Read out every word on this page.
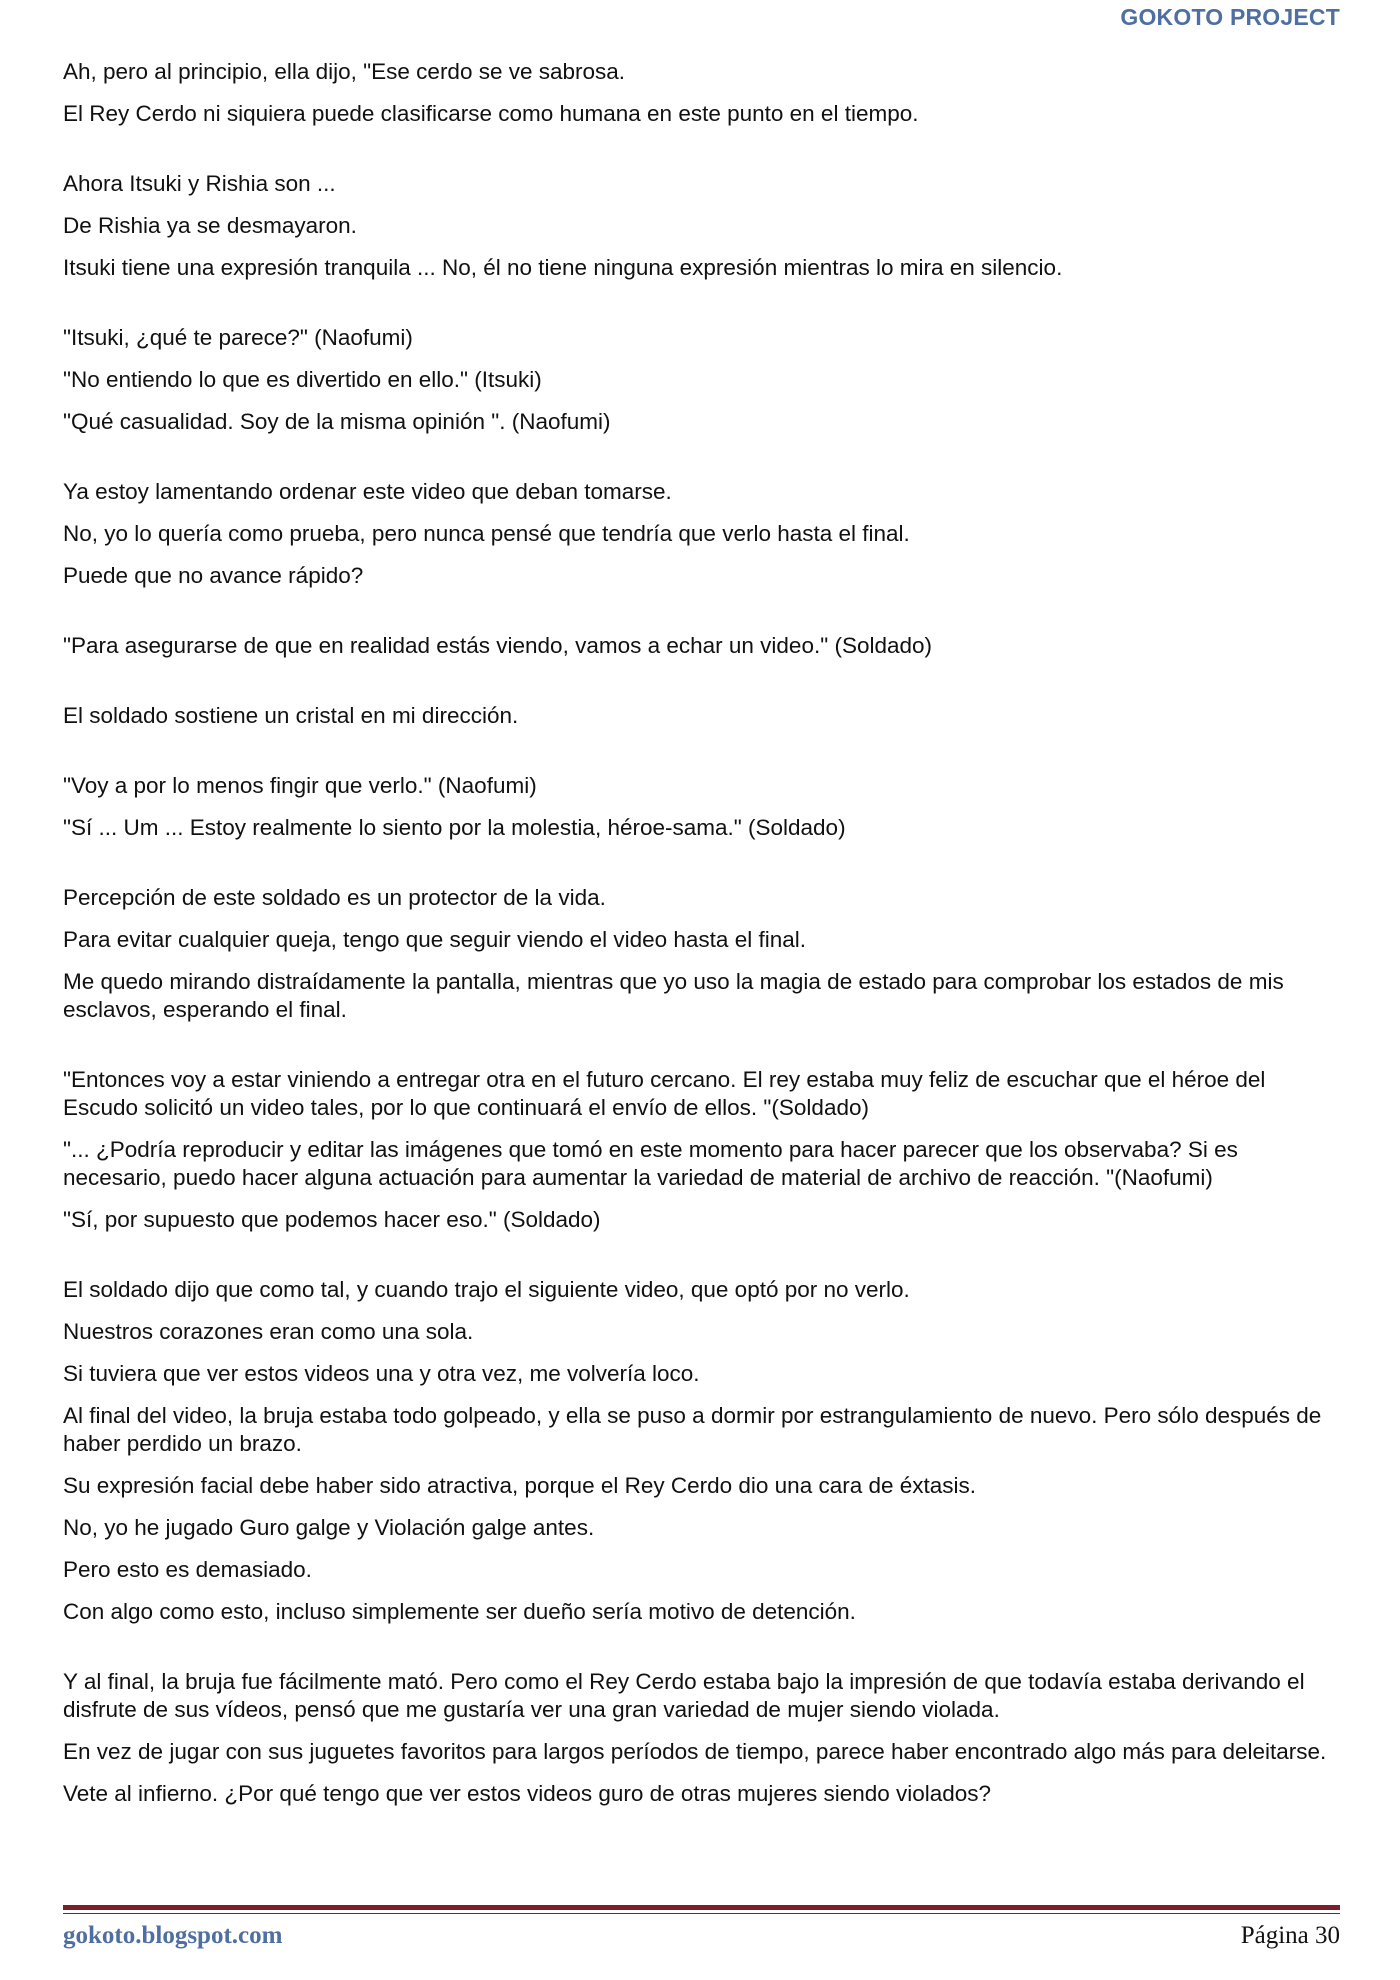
GOKOTO PROJECT

Ah, pero al principio, ella dijo, "Ese cerdo se ve sabrosa.

El Rey Cerdo ni siquiera puede clasificarse como humana en este punto en el tiempo.

Ahora Itsuki y Rishia son ...

De Rishia ya se desmayaron.

Itsuki tiene una expresión tranquila ... No, él no tiene ninguna expresión mientras lo mira en silencio.

"Itsuki, ¿qué te parece?" (Naofumi)

"No entiendo lo que es divertido en ello." (Itsuki)

"Qué casualidad. Soy de la misma opinión ". (Naofumi)

Ya estoy lamentando ordenar este video que deban tomarse.

No, yo lo quería como prueba, pero nunca pensé que tendría que verlo hasta el final.

Puede que no avance rápido?

"Para asegurarse de que en realidad estás viendo, vamos a echar un video." (Soldado)

El soldado sostiene un cristal en mi dirección.

"Voy a por lo menos fingir que verlo." (Naofumi)

"Sí ... Um ... Estoy realmente lo siento por la molestia, héroe-sama." (Soldado)

Percepción de este soldado es un protector de la vida.

Para evitar cualquier queja, tengo que seguir viendo el video hasta el final.

Me quedo mirando distraídamente la pantalla, mientras que yo uso la magia de estado para comprobar los estados de mis esclavos, esperando el final.

"Entonces voy a estar viniendo a entregar otra en el futuro cercano. El rey estaba muy feliz de escuchar que el héroe del Escudo solicitó un video tales, por lo que continuará el envío de ellos. "(Soldado)

"... ¿Podría reproducir y editar las imágenes que tomó en este momento para hacer parecer que los observaba? Si es necesario, puedo hacer alguna actuación para aumentar la variedad de material de archivo de reacción. "(Naofumi)

"Sí, por supuesto que podemos hacer eso." (Soldado)

El soldado dijo que como tal, y cuando trajo el siguiente video, que optó por no verlo.

Nuestros corazones eran como una sola.

Si tuviera que ver estos videos una y otra vez, me volvería loco.

Al final del video, la bruja estaba todo golpeado, y ella se puso a dormir por estrangulamiento de nuevo. Pero sólo después de haber perdido un brazo.

Su expresión facial debe haber sido atractiva, porque el Rey Cerdo dio una cara de éxtasis.

No, yo he jugado Guro galge y Violación galge antes.

Pero esto es demasiado.

Con algo como esto, incluso simplemente ser dueño sería motivo de detención.

Y al final, la bruja fue fácilmente mató. Pero como el Rey Cerdo estaba bajo la impresión de que todavía estaba derivando el disfrute de sus vídeos, pensó que me gustaría ver una gran variedad de mujer siendo violada.

En vez de jugar con sus juguetes favoritos para largos períodos de tiempo, parece haber encontrado algo más para deleitarse.

Vete al infierno. ¿Por qué tengo que ver estos videos guro de otras mujeres siendo violados?

gokoto.blogspot.com	Página 30
